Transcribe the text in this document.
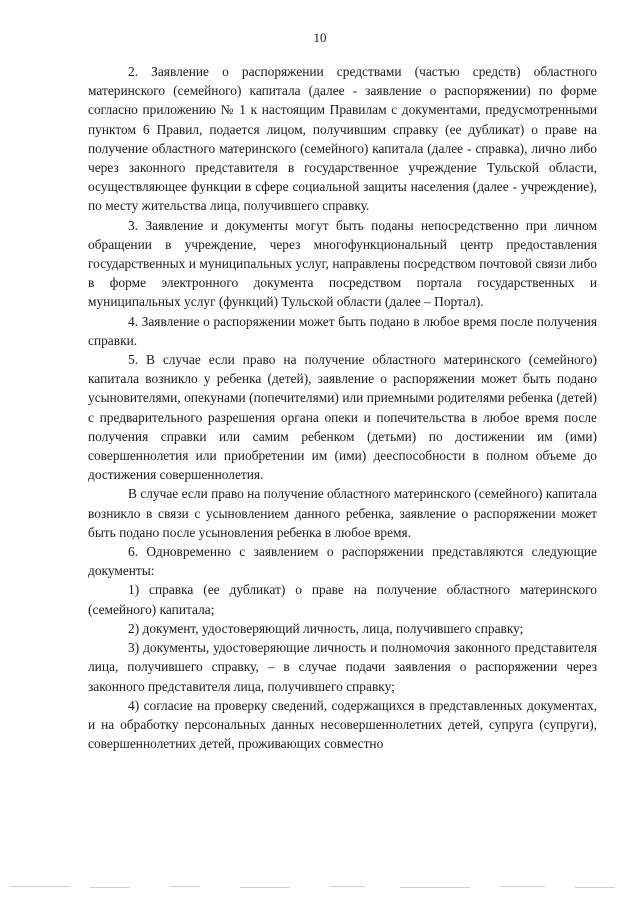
10

2. Заявление о распоряжении средствами (частью средств) областного материнского (семейного) капитала (далее - заявление о распоряжении) по форме согласно приложению № 1 к настоящим Правилам с документами, предусмотренными пунктом 6 Правил, подается лицом, получившим справку (ее дубликат) о праве на получение областного материнского (семейного) капитала (далее - справка), лично либо через законного представителя в государственное учреждение Тульской области, осуществляющее функции в сфере социальной защиты населения (далее - учреждение), по месту жительства лица, получившего справку.

3. Заявление и документы могут быть поданы непосредственно при личном обращении в учреждение, через многофункциональный центр предоставления государственных и муниципальных услуг, направлены посредством почтовой связи либо в форме электронного документа посредством портала государственных и муниципальных услуг (функций) Тульской области (далее – Портал).

4. Заявление о распоряжении может быть подано в любое время после получения справки.

5. В случае если право на получение областного материнского (семейного) капитала возникло у ребенка (детей), заявление о распоряжении может быть подано усыновителями, опекунами (попечителями) или приемными родителями ребенка (детей) с предварительного разрешения органа опеки и попечительства в любое время после получения справки или самим ребенком (детьми) по достижении им (ими) совершеннолетия или приобретении им (ими) дееспособности в полном объеме до достижения совершеннолетия.

В случае если право на получение областного материнского (семейного) капитала возникло в связи с усыновлением данного ребенка, заявление о распоряжении может быть подано после усыновления ребенка в любое время.

6. Одновременно с заявлением о распоряжении представляются следующие документы:

1) справка (ее дубликат) о праве на получение областного материнского (семейного) капитала;

2) документ, удостоверяющий личность, лица, получившего справку;

3) документы, удостоверяющие личность и полномочия законного представителя лица, получившего справку, – в случае подачи заявления о распоряжении через законного представителя лица, получившего справку;

4) согласие на проверку сведений, содержащихся в представленных документах, и на обработку персональных данных несовершеннолетних детей, супруга (супруги), совершеннолетних детей, проживающих совместно
